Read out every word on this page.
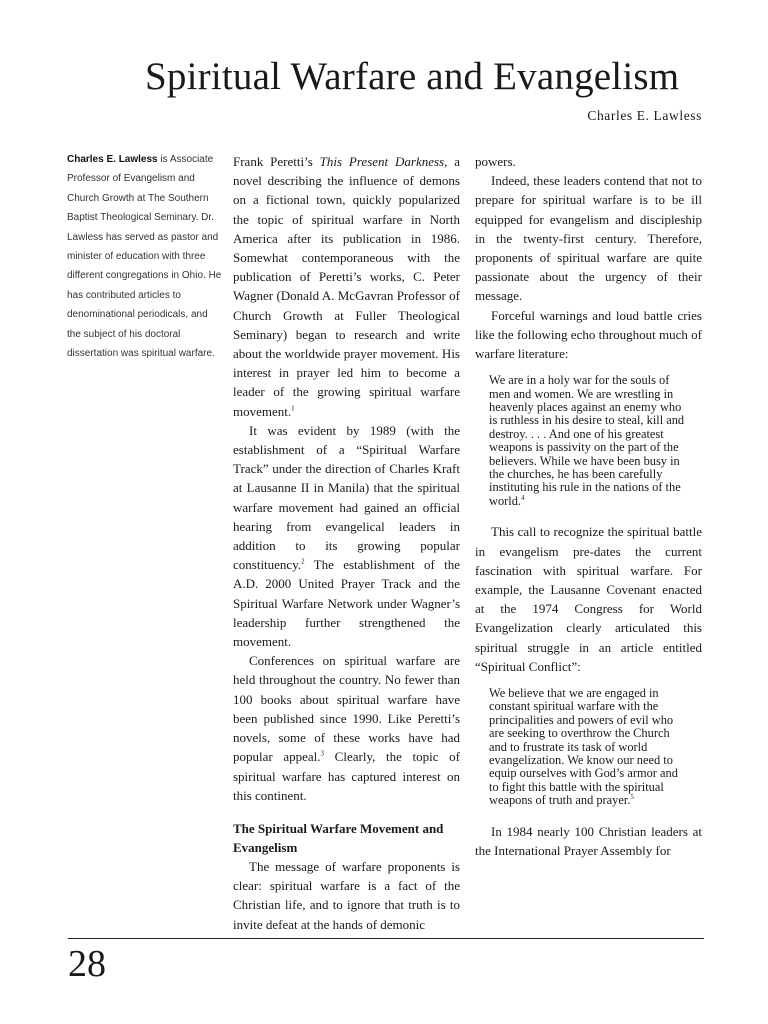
Spiritual Warfare and Evangelism
Charles E. Lawless
Charles E. Lawless is Associate Professor of Evangelism and Church Growth at The Southern Baptist Theological Seminary. Dr. Lawless has served as pastor and minister of education with three different congregations in Ohio. He has contributed articles to denominational periodicals, and the subject of his doctoral dissertation was spiritual warfare.

Frank Peretti’s This Present Darkness, a novel describing the influence of demons on a fictional town, quickly popularized the topic of spiritual warfare in North America after its publication in 1986. Somewhat contemporaneous with the publication of Peretti’s works, C. Peter Wagner (Donald A. McGavran Professor of Church Growth at Fuller Theological Seminary) began to research and write about the worldwide prayer movement. His interest in prayer led him to become a leader of the growing spiritual warfare movement.$^1$

It was evident by 1989 (with the establishment of a “Spiritual Warfare Track” under the direction of Charles Kraft at Lausanne II in Manila) that the spiritual warfare movement had gained an official hearing from evangelical leaders in addition to its growing popular constituency.$^2$ The establishment of the A.D. 2000 United Prayer Track and the Spiritual Warfare Network under Wagner’s leadership further strengthened the movement.

Conferences on spiritual warfare are held throughout the country. No fewer than 100 books about spiritual warfare have been published since 1990. Like Peretti’s novels, some of these works have had popular appeal.$^3$ Clearly, the topic of spiritual warfare has captured interest on this continent.

The Spiritual Warfare Movement and Evangelism

The message of warfare proponents is clear: spiritual warfare is a fact of the Christian life, and to ignore that truth is to invite defeat at the hands of demonic

powers.

Indeed, these leaders contend that not to prepare for spiritual warfare is to be ill equipped for evangelism and discipleship in the twenty-first century. Therefore, proponents of spiritual warfare are quite passionate about the urgency of their message.

Forceful warnings and loud battle cries like the following echo throughout much of warfare literature:

We are in a holy war for the souls of men and women. We are wrestling in heavenly places against an enemy who is ruthless in his desire to steal, kill and destroy. . . . And one of his greatest weapons is passivity on the part of the believers. While we have been busy in the churches, he has been carefully instituting his rule in the nations of the world.$^4$

This call to recognize the spiritual battle in evangelism pre-dates the current fascination with spiritual warfare. For example, the Lausanne Covenant enacted at the 1974 Congress for World Evangelization clearly articulated this spiritual struggle in an article entitled “Spiritual Conflict”:

We believe that we are engaged in constant spiritual warfare with the principalities and powers of evil who are seeking to overthrow the Church and to frustrate its task of world evangelization. We know our need to equip ourselves with God’s armor and to fight this battle with the spiritual weapons of truth and prayer.$^5$

In 1984 nearly 100 Christian leaders at the International Prayer Assembly for

28
